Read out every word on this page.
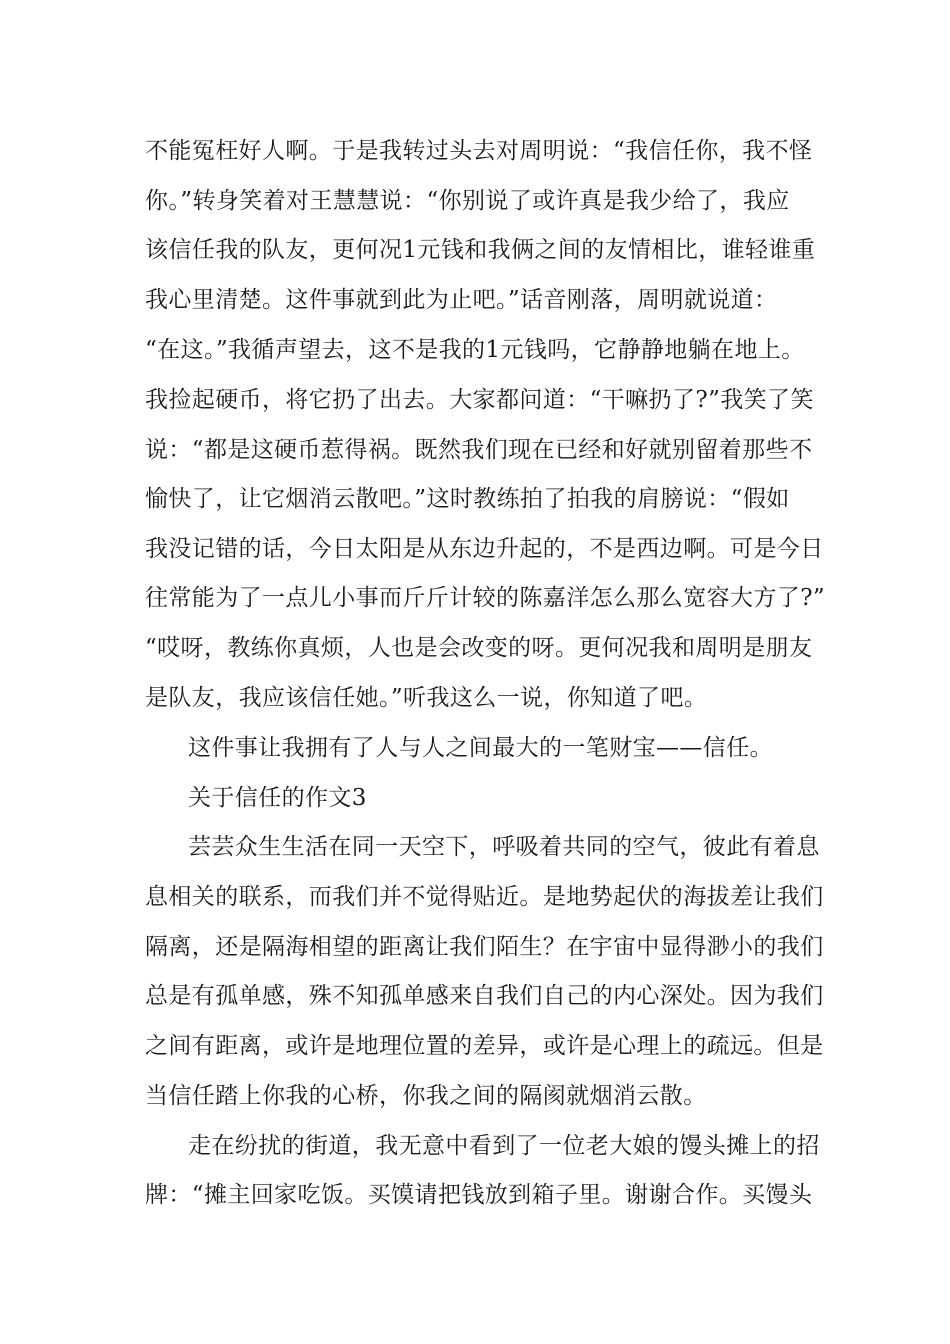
不能冤枉好人啊。于是我转过头去对周明说：“我信任你，我不怪
你。”转身笑着对王慧慧说：“你别说了或许真是我少给了，我应
该信任我的队友，更何况1元钱和我俩之间的友情相比，谁轻谁重
我心里清楚。这件事就到此为止吧。”话音刚落，周明就说道：
“在这。”我循声望去，这不是我的1元钱吗，它静静地躺在地上。
我捡起硬币，将它扔了出去。大家都问道：“干嘛扔了?”我笑了笑
说：“都是这硬币惹得祸。既然我们现在已经和好就别留着那些不
愉快了，让它烟消云散吧。”这时教练拍了拍我的肩膀说：“假如
我没记错的话，今日太阳是从东边升起的，不是西边啊。可是今日
往常能为了一点儿小事而斤斤计较的陈嘉洋怎么那么宽容大方了?”
“哎呀，教练你真烦，人也是会改变的呀。更何况我和周明是朋友
是队友，我应该信任她。”听我这么一说，你知道了吧。
这件事让我拥有了人与人之间最大的一笔财宝——信任。
关于信任的作文3
芸芸众生生活在同一天空下，呼吸着共同的空气，彼此有着息
息相关的联系，而我们并不觉得贴近。是地势起伏的海拔差让我们
隔离，还是隔海相望的距离让我们陌生？在宇宙中显得渺小的我们
总是有孤单感，殊不知孤单感来自我们自己的内心深处。因为我们
之间有距离，或许是地理位置的差异，或许是心理上的疏远。但是
当信任踏上你我的心桥，你我之间的隔阂就烟消云散。
走在纷扰的街道，我无意中看到了一位老大娘的馒头摊上的招
牌：“摊主回家吃饭。买馍请把钱放到箱子里。谢谢合作。买馒头
